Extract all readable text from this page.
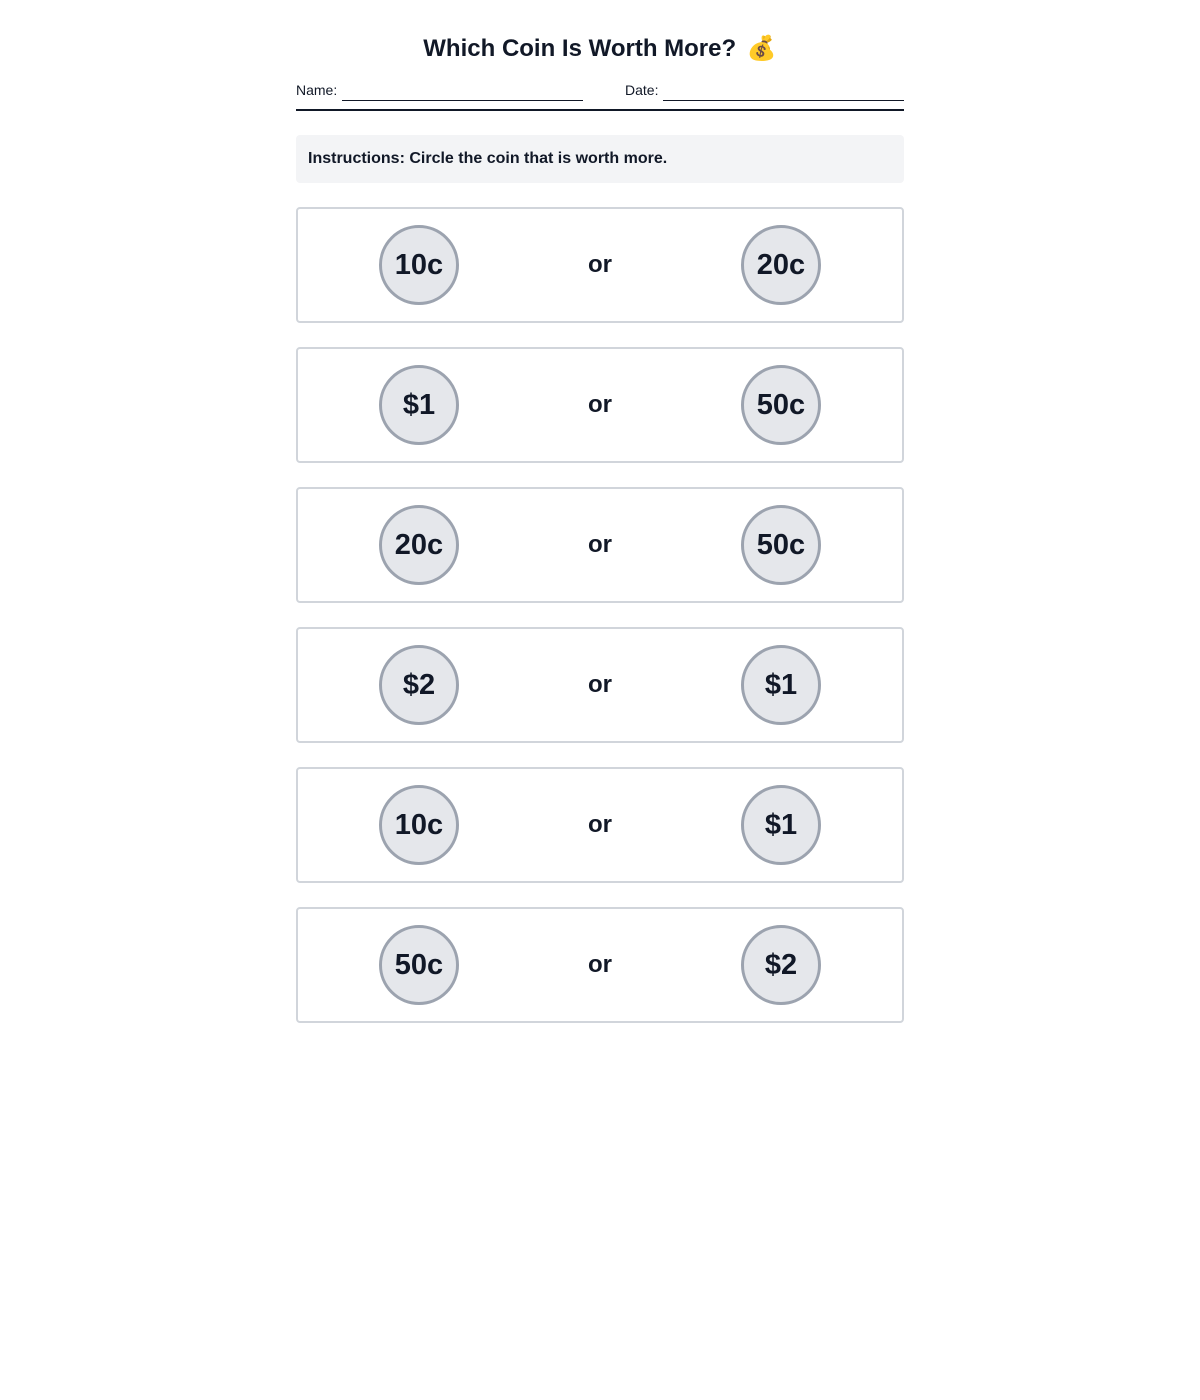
Which Coin Is Worth More? 💰
Name:	Date:
Instructions: Circle the coin that is worth more.
10c	or	20c
$1	or	50c
20c	or	50c
$2	or	$1
10c	or	$1
50c	or	$2
